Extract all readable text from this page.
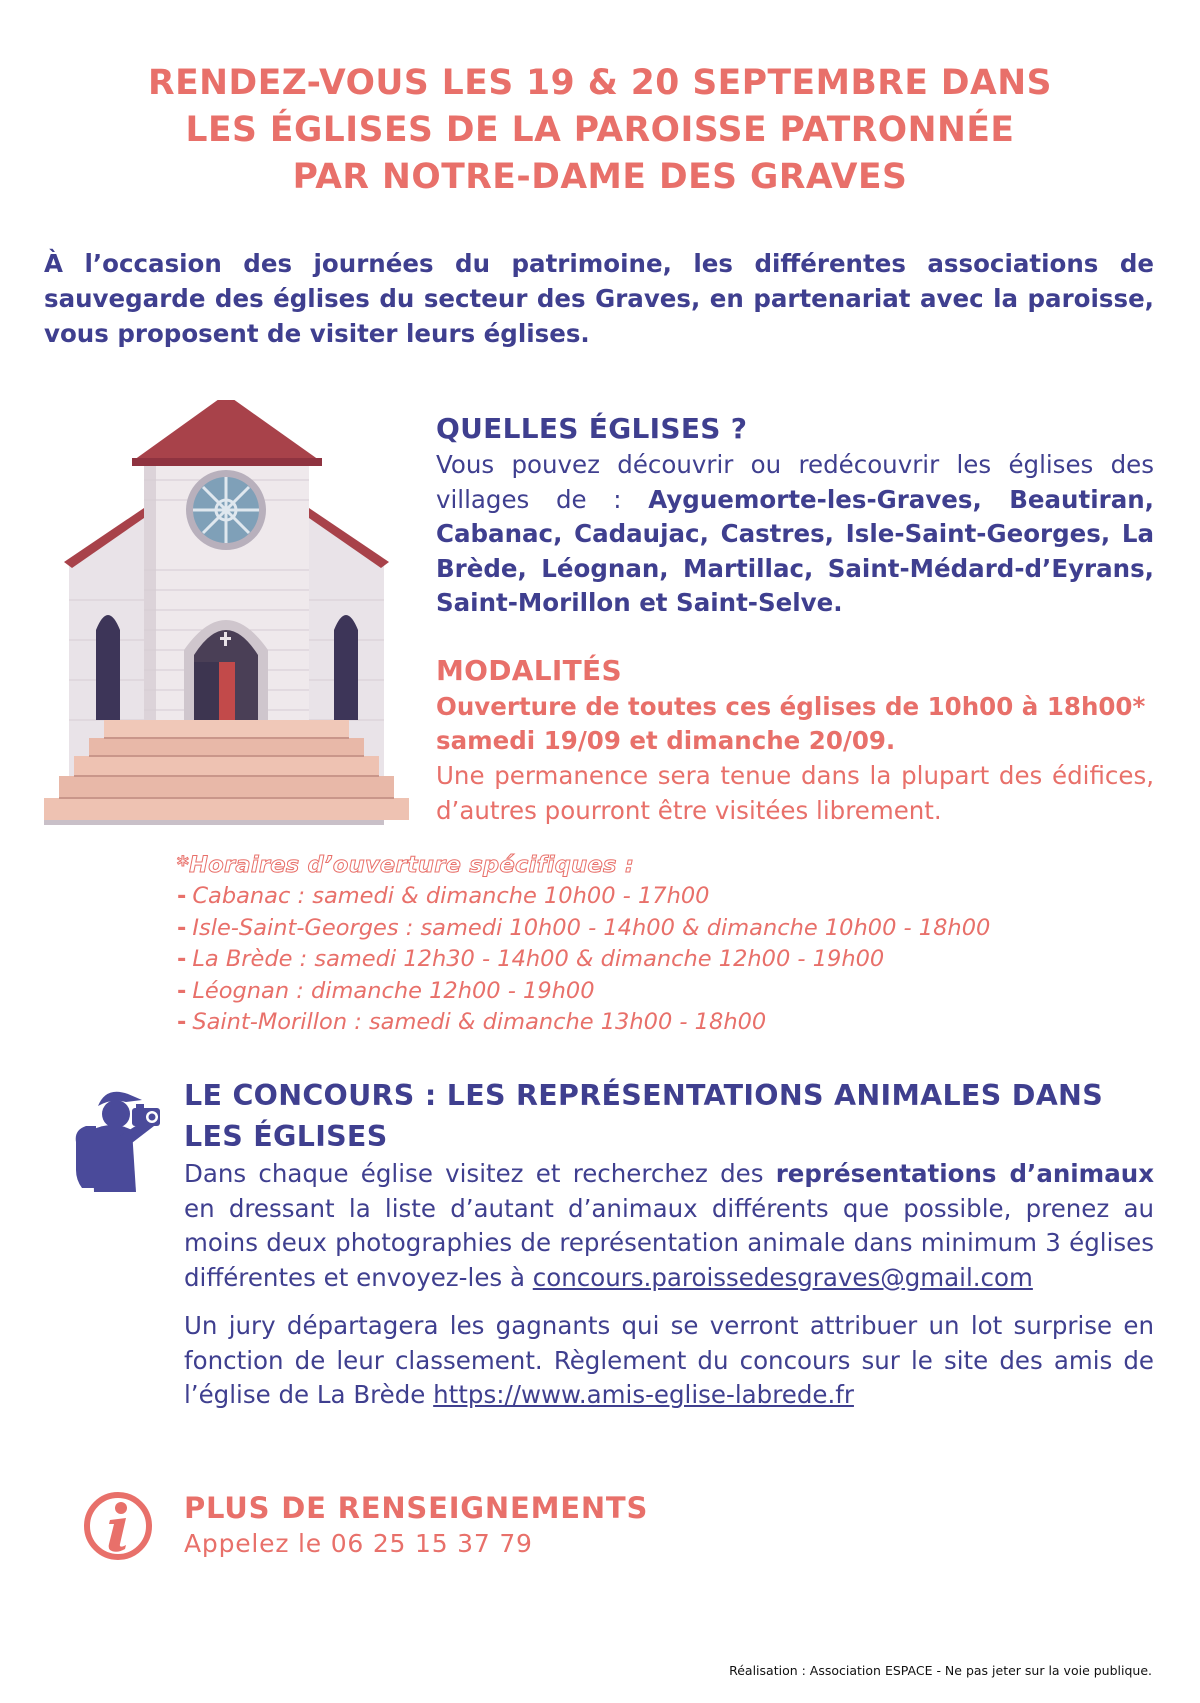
RENDEZ-VOUS LES 19 & 20 SEPTEMBRE DANS
LES ÉGLISES DE LA PAROISSE PATRONNÉE
PAR NOTRE-DAME DES GRAVES
À l’occasion des journées du patrimoine, les différentes associations de sauvegarde des églises du secteur des Graves, en partenariat avec la paroisse, vous proposent de visiter leurs églises.
QUELLES ÉGLISES ?
Vous pouvez découvrir ou redécouvrir les églises des villages de : Ayguemorte-les-Graves, Beautiran, Cabanac, Cadaujac, Castres, Isle-Saint-Georges, La Brède, Léognan, Martillac, Saint-Médard-d’Eyrans, Saint-Morillon et Saint-Selve.
MODALITÉS
Ouverture de toutes ces églises de 10h00 à 18h00*
samedi 19/09 et dimanche 20/09.
Une permanence sera tenue dans la plupart des édifices, d’autres pourront être visitées librement.
*Horaires d’ouverture spécifiques :
- Cabanac : samedi & dimanche 10h00 - 17h00
- Isle-Saint-Georges : samedi 10h00 - 14h00 & dimanche 10h00 - 18h00
- La Brède : samedi 12h30 - 14h00 & dimanche 12h00 - 19h00
- Léognan : dimanche 12h00 - 19h00
- Saint-Morillon : samedi & dimanche 13h00 - 18h00
LE CONCOURS : LES REPRÉSENTATIONS ANIMALES DANS LES ÉGLISES
Dans chaque église visitez et recherchez des représentations d’animaux en dressant la liste d’autant d’animaux différents que possible, prenez au moins deux photographies de représentation animale dans minimum 3 églises différentes et envoyez-les à concours.paroissedesgraves@gmail.com
Un jury départagera les gagnants qui se verront attribuer un lot surprise en fonction de leur classement. Règlement du concours sur le site des amis de l’église de La Brède https://www.amis-eglise-labrede.fr
PLUS DE RENSEIGNEMENTS
Appelez le 06 25 15 37 79
Réalisation : Association ESPACE - Ne pas jeter sur la voie publique.
